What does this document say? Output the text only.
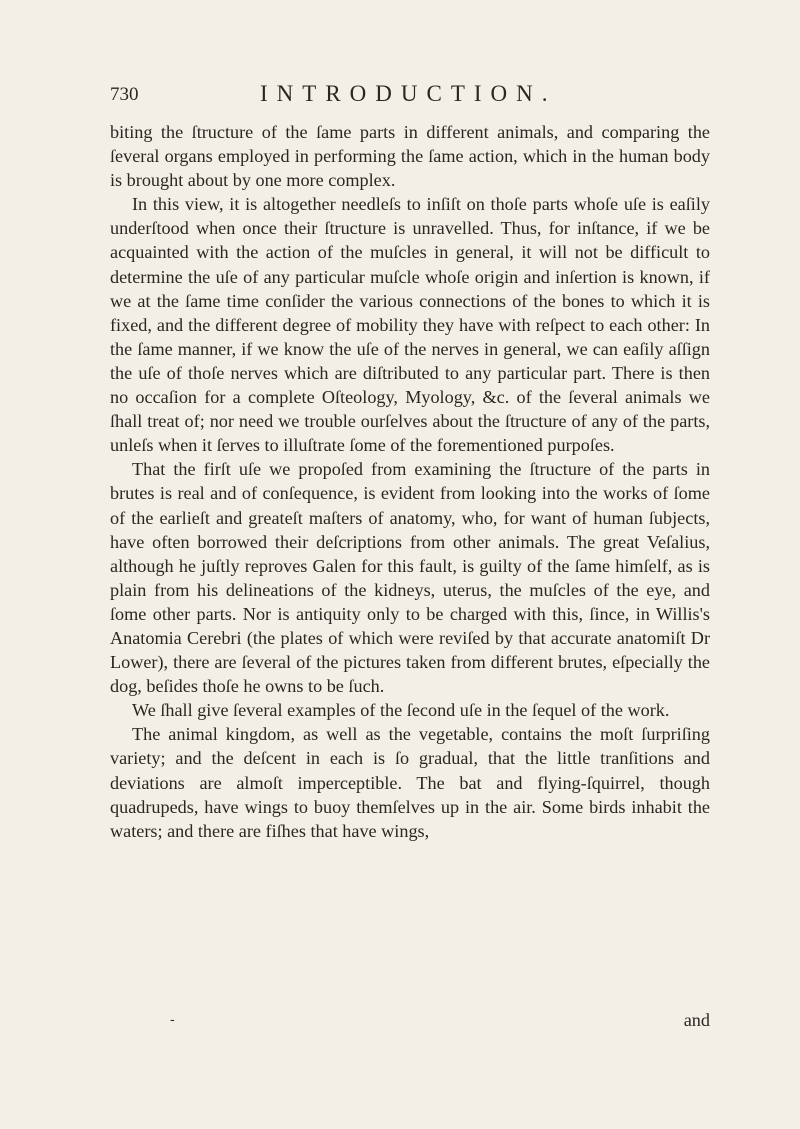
730	INTRODUCTION.

biting the ſtructure of the ſame parts in different animals, and comparing the ſeveral organs employed in performing the ſame action, which in the human body is brought about by one more complex.

In this view, it is altogether needleſs to inſiſt on thoſe parts whoſe uſe is eaſily underſtood when once their ſtructure is unravelled. Thus, for inſtance, if we be acquainted with the action of the muſcles in general, it will not be difficult to determine the uſe of any particular muſcle whoſe origin and inſertion is known, if we at the ſame time conſider the various connections of the bones to which it is fixed, and the different degree of mobility they have with reſpect to each other: In the ſame manner, if we know the uſe of the nerves in general, we can eaſily aſſign the uſe of thoſe nerves which are diſtributed to any particular part. There is then no occaſion for a complete Oſteology, Myology, &c. of the ſeveral animals we ſhall treat of; nor need we trouble ourſelves about the ſtructure of any of the parts, unleſs when it ſerves to illuſtrate ſome of the forementioned purpoſes.

That the firſt uſe we propoſed from examining the ſtructure of the parts in brutes is real and of conſequence, is evident from looking into the works of ſome of the earlieſt and greateſt maſters of anatomy, who, for want of human ſubjects, have often borrowed their deſcriptions from other animals. The great Veſalius, although he juſtly reproves Galen for this fault, is guilty of the ſame himſelf, as is plain from his delineations of the kidneys, uterus, the muſcles of the eye, and ſome other parts. Nor is antiquity only to be charged with this, ſince, in Willis's Anatomia Cerebri (the plates of which were reviſed by that accurate anatomiſt Dr Lower), there are ſeveral of the pictures taken from different brutes, eſpecially the dog, beſides thoſe he owns to be ſuch.

We ſhall give ſeveral examples of the ſecond uſe in the ſequel of the work.

The animal kingdom, as well as the vegetable, contains the moſt ſurpriſing variety; and the deſcent in each is ſo gradual, that the little tranſitions and deviations are almoſt imperceptible. The bat and flying-ſquirrel, though quadrupeds, have wings to buoy themſelves up in the air. Some birds inhabit the waters; and there are fiſhes that have wings,

-	and
